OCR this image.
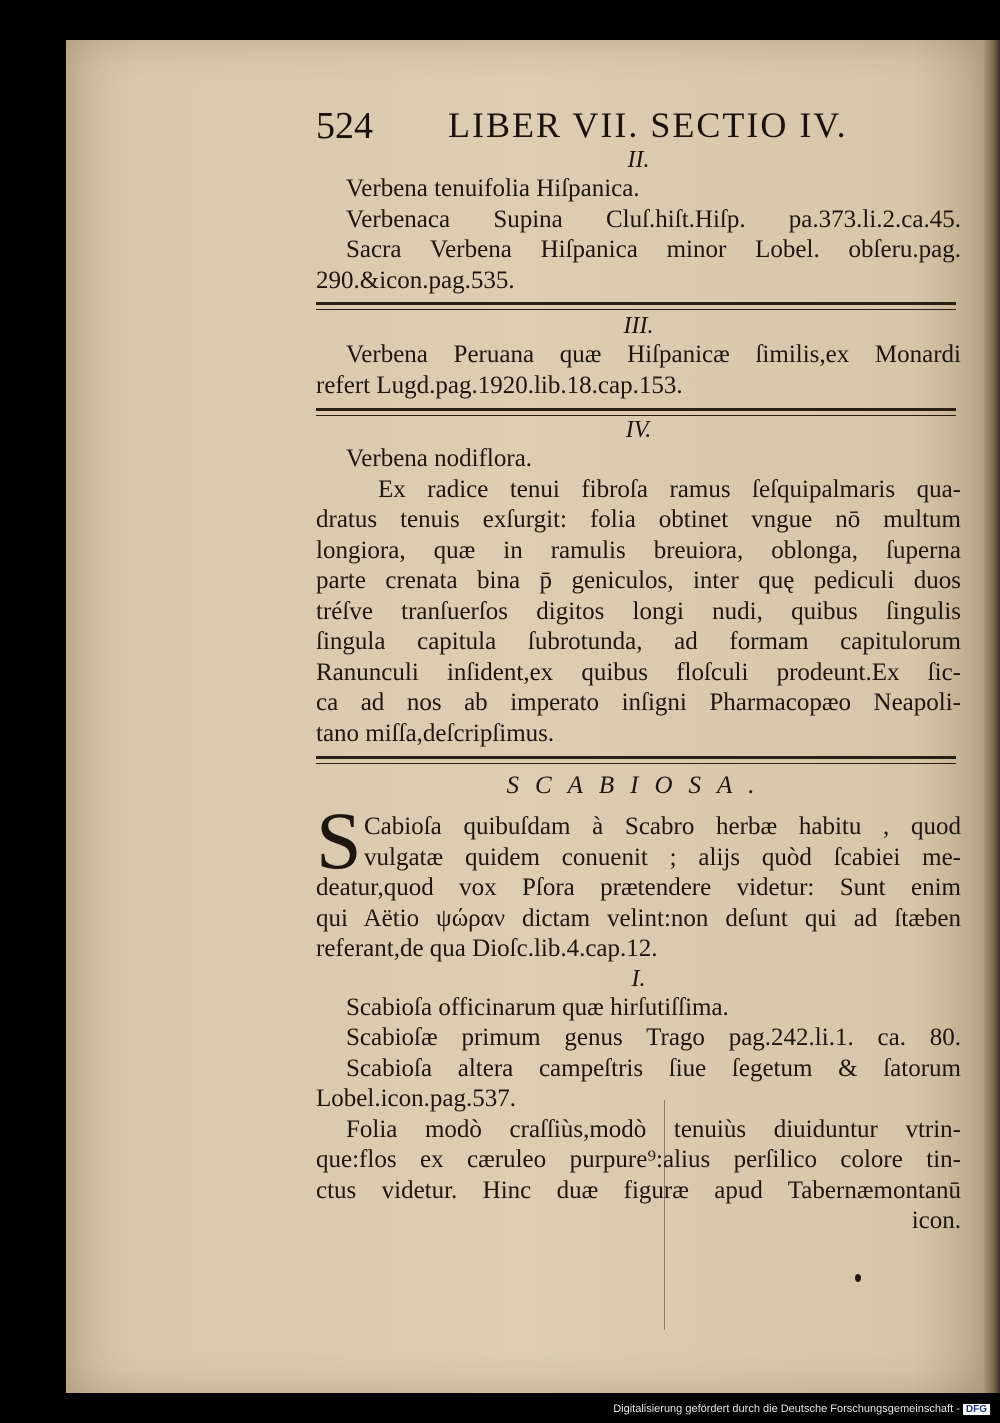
524 LIBER VII. SECTIO IV.
II.
Verbena tenuifolia Hiſpanica.
Verbenaca Supina Cluſ.hiſt.Hiſp. pa.373.li.2.ca.45.
Sacra Verbena Hiſpanica minor Lobel. obſeru.pag.
290.&icon.pag.535.
III.
Verbena Peruana quæ Hiſpanicæ ſimilis,ex Monardi
refert Lugd.pag.1920.lib.18.cap.153.
IV.
Verbena nodiflora.
Ex radice tenui fibroſa ramus ſeſquipalmaris qua-
dratus tenuis exſurgit: folia obtinet vngue nō multum
longiora, quæ in ramulis breuiora, oblonga, ſuperna
parte crenata bina p̄ geniculos, inter quę pediculi duos
tréſve tranſuerſos digitos longi nudi, quibus ſingulis
ſingula capitula ſubrotunda, ad formam capitulorum
Ranunculi inſident,ex quibus floſculi prodeunt.Ex ſic-
ca ad nos ab imperato inſigni Pharmacopæo Neapoli-
tano miſſa,deſcripſimus.
SCABIOSA.
S Cabioſa quibuſdam à Scabro herbæ habitu , quod
vulgatæ quidem conuenit ; alijs quòd ſcabiei me-
deatur,quod vox Pſora prætendere videtur: Sunt enim
qui Aëtio ψώραν dictam velint:non deſunt qui ad ſtæben
referant,de qua Dioſc.lib.4.cap.12.
I.
Scabioſa officinarum quæ hirſutiſſima.
Scabioſæ primum genus Trago pag.242.li.1. ca. 80.
Scabioſa altera campeſtris ſiue ſegetum & ſatorum
Lobel.icon.pag.537.
Folia modò craſſiùs,modò tenuiùs diuiduntur vtrin-
que:flos ex cæruleo purpure⁹:alius perſilico colore tin-
ctus videtur. Hinc duæ figuræ apud Tabernæmontanū
icon.
Digitalisierung gefördert durch die Deutsche Forschungsgemeinschaft - DFG
